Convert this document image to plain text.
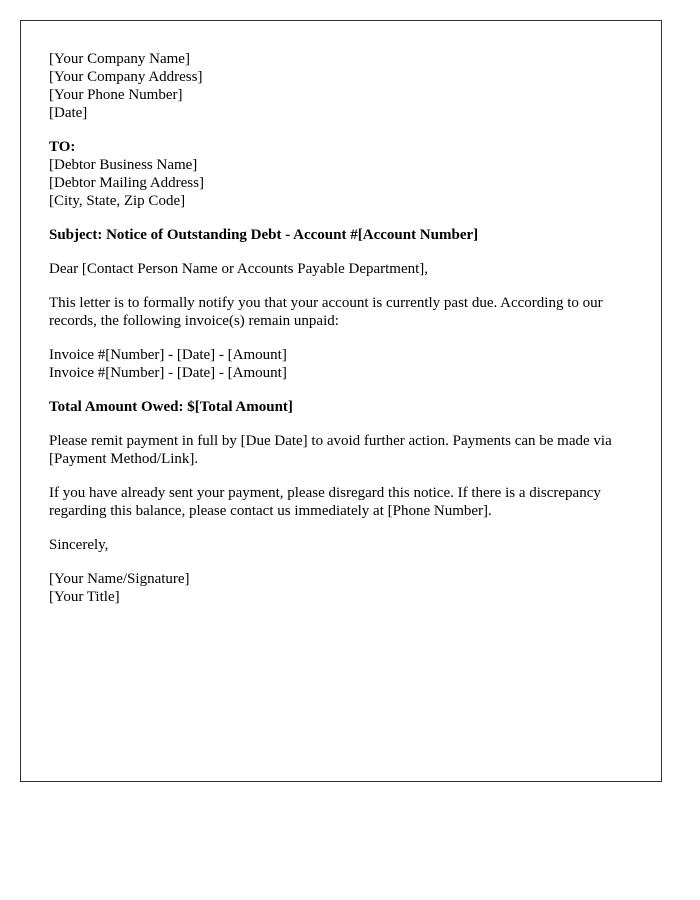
[Your Company Name]
[Your Company Address]
[Your Phone Number]
[Date]

TO:
[Debtor Business Name]
[Debtor Mailing Address]
[City, State, Zip Code]

Subject: Notice of Outstanding Debt - Account #[Account Number]

Dear [Contact Person Name or Accounts Payable Department],

This letter is to formally notify you that your account is currently past due. According to our records, the following invoice(s) remain unpaid:

Invoice #[Number] - [Date] - [Amount]
Invoice #[Number] - [Date] - [Amount]

Total Amount Owed: $[Total Amount]

Please remit payment in full by [Due Date] to avoid further action. Payments can be made via [Payment Method/Link].

If you have already sent your payment, please disregard this notice. If there is a discrepancy regarding this balance, please contact us immediately at [Phone Number].

Sincerely,

[Your Name/Signature]
[Your Title]
